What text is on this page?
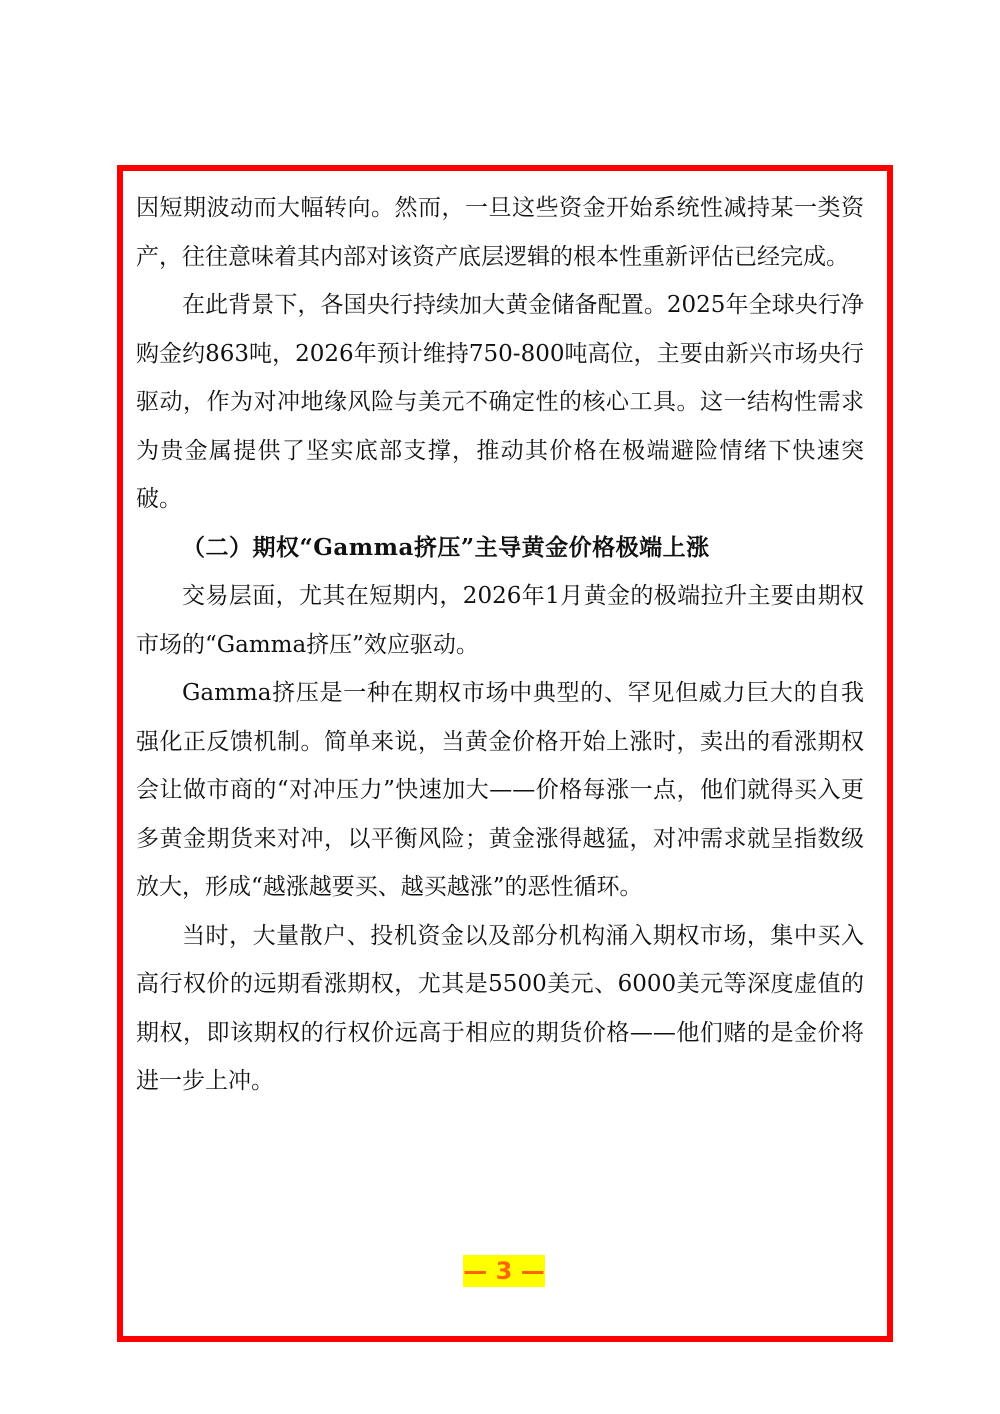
因短期波动而大幅转向。然而，一旦这些资金开始系统性减持某一类资产，往往意味着其内部对该资产底层逻辑的根本性重新评估已经完成。

在此背景下，各国央行持续加大黄金储备配置。2025年全球央行净购金约863吨，2026年预计维持750-800吨高位，主要由新兴市场央行驱动，作为对冲地缘风险与美元不确定性的核心工具。这一结构性需求为贵金属提供了坚实底部支撑，推动其价格在极端避险情绪下快速突破。

（二）期权“Gamma挤压”主导黄金价格极端上涨

交易层面，尤其在短期内，2026年1月黄金的极端拉升主要由期权市场的“Gamma挤压”效应驱动。

Gamma挤压是一种在期权市场中典型的、罕见但威力巨大的自我强化正反馈机制。简单来说，当黄金价格开始上涨时，卖出的看涨期权会让做市商的“对冲压力”快速加大——价格每涨一点，他们就得买入更多黄金期货来对冲，以平衡风险；黄金涨得越猛，对冲需求就呈指数级放大，形成“越涨越要买、越买越涨”的恶性循环。

当时，大量散户、投机资金以及部分机构涌入期权市场，集中买入高行权价的远期看涨期权，尤其是5500美元、6000美元等深度虚值的期权，即该期权的行权价远高于相应的期货价格——他们赌的是金价将进一步上冲。

— 3 —
